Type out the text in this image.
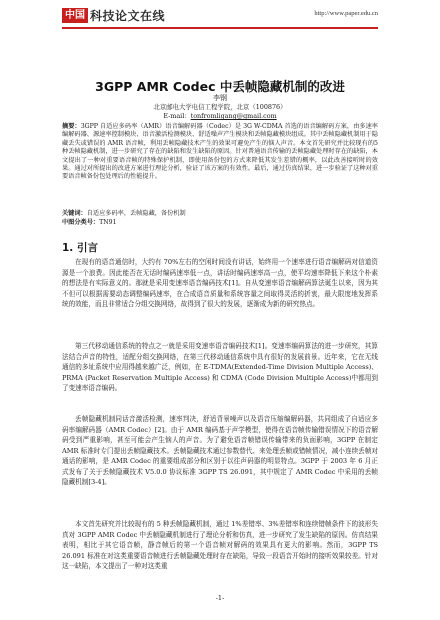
中国 科技论文在线	http://www.paper.edu.cn
3GPP AMR Codec 中丢帧隐藏机制的改进
李钢
北京邮电大学电信工程学院，北京（100876）
E-mail：tonfromligang@gmail.com

摘要：3GPP 自适应多码率（AMR）语音编解码器（Codec）是 3G W-CDMA 首选的语音编解码方案，由多速率编解码器、源速率控制模块、语音激活检测模块、舒适噪声产生模块和丢帧隐藏模块组成。其中丢帧隐藏机制用于隐藏丢失或错误的 AMR 语音帧，利用丢帧隐藏技术产生的效果可避免产生的恼人声音。本文首先研究并比较现有的5种丢帧隐藏机制，进一步研究了存在的缺陷和发生缺陷的原因。针对普通语音传输的丢帧隐藏处理时存在的缺陷，本文提出了一种对重要语音帧的特殊保护机制，即使用备份包的方式来降低其发生差错的概率，以此改善接听时的效果。通过对所提出的改进方案进行理论分析，验证了该方案的有效性。最后，通过仿真结果，进一步验证了这种对重要语音帧备份包处理后的性能提升。

关键词：自适应多码率，丢帧隐藏，备份机制

中图分类号：TN91

1. 引言

在现有的语音通信时，大约有 70%左右的空闲时间没有讲话，始终用一个速率进行语音编解码对信道资源是一个浪费。因此能否在无话时编码速率低一点，讲话时编码速率高一点，使平均速率降低下来这个朴素的想法是有实际意义的。那就是采用变速率语音编码技术[1]。自从变速率语音编解码算法诞生以来，因为其不但可以根据需要动态调整编码速率，在合成语音质量和系统容量之间取得灵活的折衷，最大限度地发挥系统的效能，而且非常适合分组交换网络，故得到了很大的发展，逐渐成为新的研究热点。

第三代移动通信系统的特点之一就是采用变速率语音编码技术[1]。变速率编码算法的进一步研究，其算法结合声音的特性，适配分组交换网络，在第三代移动通信系统中具有很好的发展前景。近年来，它在无线通信的多址系统中应用得越来越广泛，例如，在 E-TDMA(Extended-Time Division Multiple Access)、PRMA (Packet Reservation Multiple Access) 和 CDMA (Code Division Multiple Access)中都用到了变速率语音编码。

丢帧隐藏机制同话音激活检测，速率判决，舒适背景噪声以及语音压缩编解码器，共同组成了自适应多码率编解码器（AMR Codec）[2]。由于 AMR 编码基于声学模型，使得在语音帧传输错误情况下的语音解码受到严重影响，甚至可能会产生恼人的声音。为了避免语音帧错误传输带来的负面影响，3GPP 在制定 AMR 标准时专门提出丢帧隐藏技术。丢帧隐藏技术通过参数替代、来处理丢帧或错帧情况，减小连续丢帧对通话的影响，是 AMR Codec 的重要组成部分和区别于以往声码器的明显特点。3GPP 于 2003 年 6 月正式发布了关于丢帧隐藏技术 V5.0.0 协议标准 3GPP TS 26.091，其中规定了 AMR Codec 中采用的丢帧隐藏机制[3-4]。

本文首先研究并比较现有的 5 种丢帧隐藏机制，通过 1%差错率、3%差错率和连续错帧条件下的波形失真对 3GPP AMR Codec 中丢帧隐藏机制进行了理论分析和仿真，进一步研究了发生缺陷的原因。仿真结果表明，相比于其它语音帧，静音帧后的第一个语音帧对解码的效果具有更大的影响。然而，3GPP TS 26.091 标准在对这类重要语音帧进行丢帧隐藏处理时存在缺陷，导致一段语音开始时的接听效果较差。针对这一缺陷，本文提出了一种对这类重

-1-
